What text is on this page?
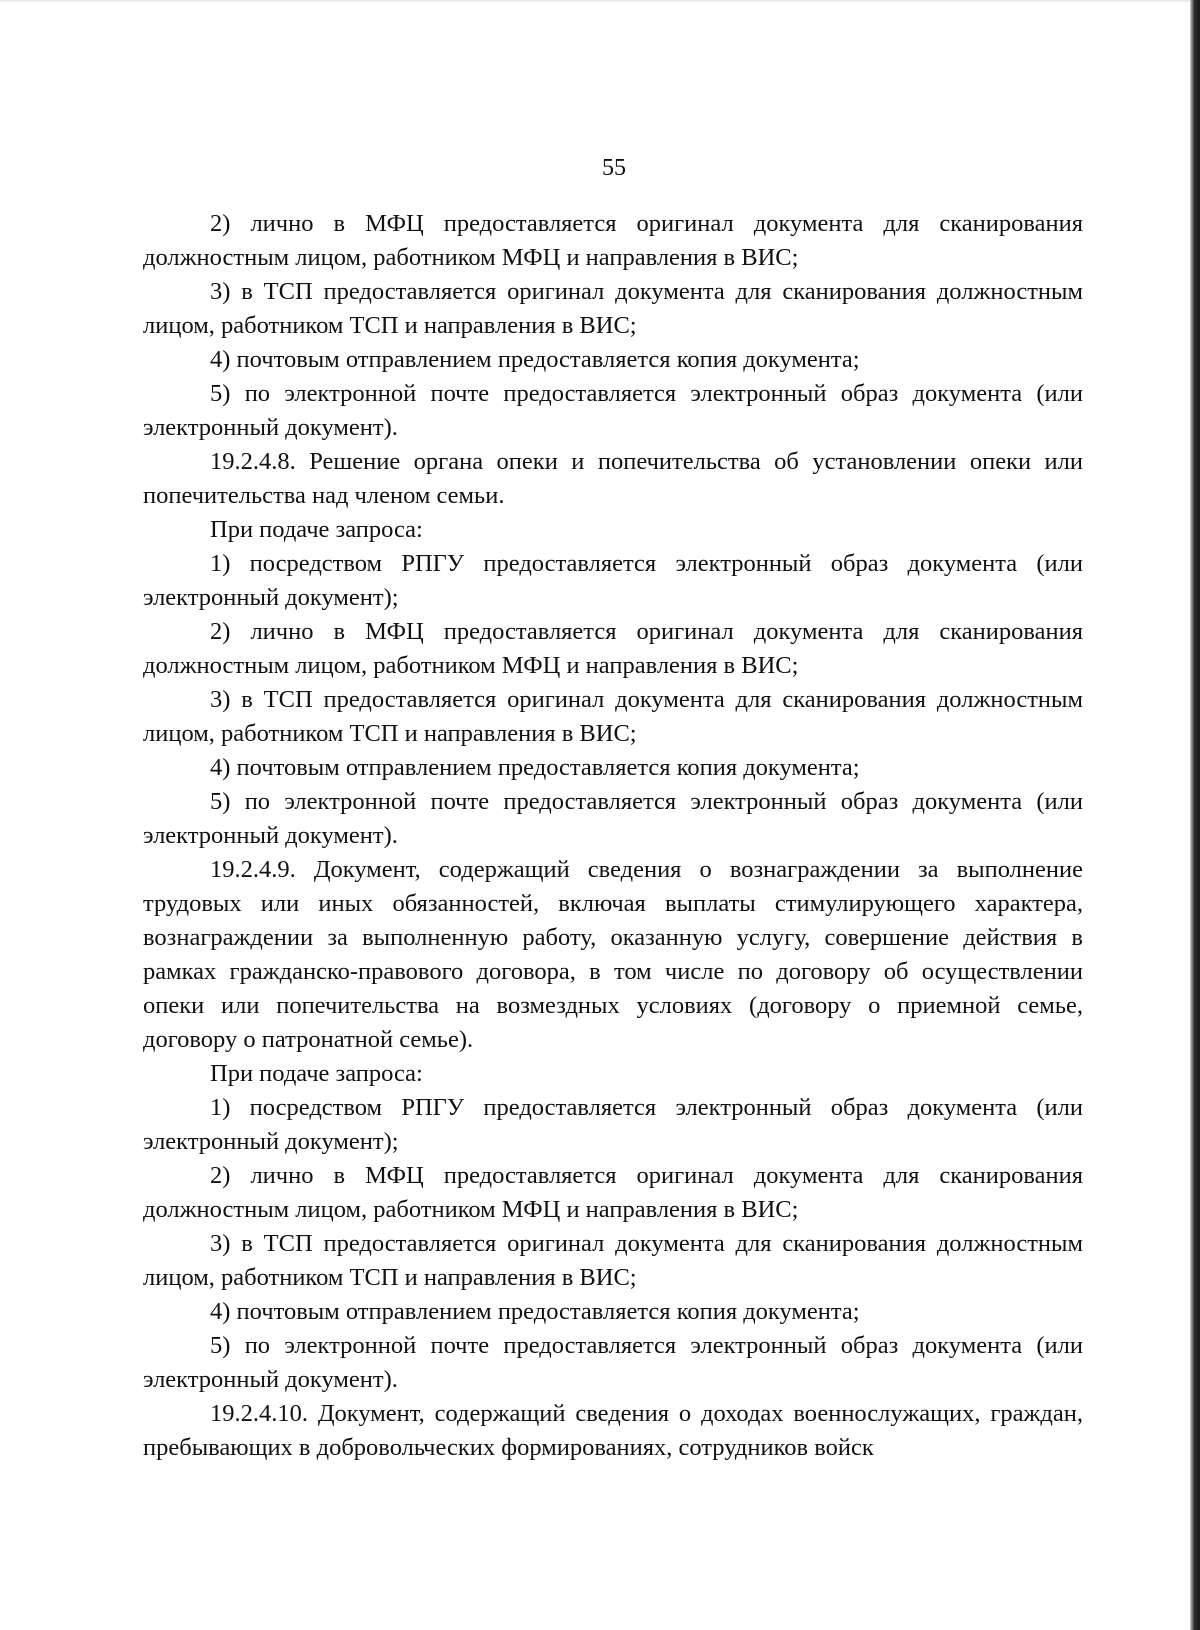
55

2) лично в МФЦ предоставляется оригинал документа для сканирования должностным лицом, работником МФЦ и направления в ВИС;

3) в ТСП предоставляется оригинал документа для сканирования должностным лицом, работником ТСП и направления в ВИС;

4) почтовым отправлением предоставляется копия документа;

5) по электронной почте предоставляется электронный образ документа (или электронный документ).

19.2.4.8. Решение органа опеки и попечительства об установлении опеки или попечительства над членом семьи.

При подаче запроса:

1) посредством РПГУ предоставляется электронный образ документа (или электронный документ);

2) лично в МФЦ предоставляется оригинал документа для сканирования должностным лицом, работником МФЦ и направления в ВИС;

3) в ТСП предоставляется оригинал документа для сканирования должностным лицом, работником ТСП и направления в ВИС;

4) почтовым отправлением предоставляется копия документа;

5) по электронной почте предоставляется электронный образ документа (или электронный документ).

19.2.4.9. Документ, содержащий сведения о вознаграждении за выполнение трудовых или иных обязанностей, включая выплаты стимулирующего характера, вознаграждении за выполненную работу, оказанную услугу, совершение действия в рамках гражданско-правового договора, в том числе по договору об осуществлении опеки или попечительства на возмездных условиях (договору о приемной семье, договору о патронатной семье).

При подаче запроса:

1) посредством РПГУ предоставляется электронный образ документа (или электронный документ);

2) лично в МФЦ предоставляется оригинал документа для сканирования должностным лицом, работником МФЦ и направления в ВИС;

3) в ТСП предоставляется оригинал документа для сканирования должностным лицом, работником ТСП и направления в ВИС;

4) почтовым отправлением предоставляется копия документа;

5) по электронной почте предоставляется электронный образ документа (или электронный документ).

19.2.4.10. Документ, содержащий сведения о доходах военнослужащих, граждан, пребывающих в добровольческих формированиях, сотрудников войск
